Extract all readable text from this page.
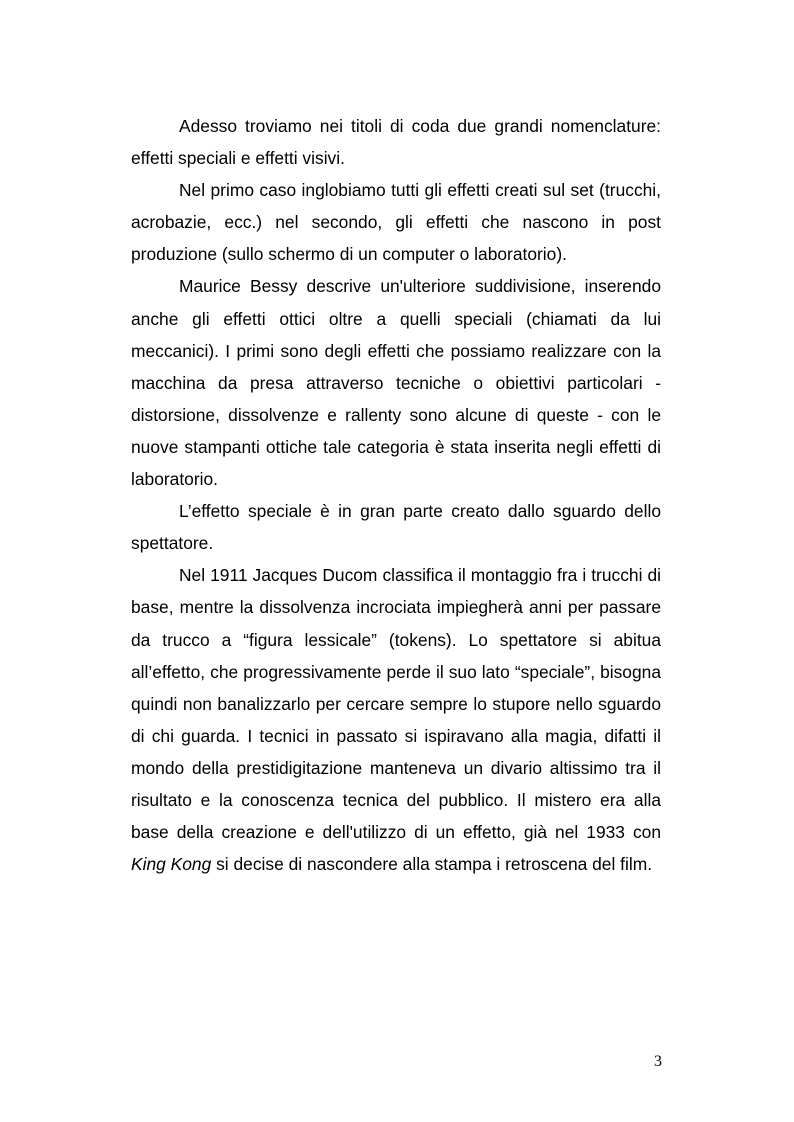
Adesso troviamo nei titoli di coda due grandi nomenclature: effetti speciali e effetti visivi.

Nel primo caso inglobiamo tutti gli effetti creati sul set (trucchi, acrobazie, ecc.) nel secondo, gli effetti che nascono in post produzione (sullo schermo di un computer o laboratorio).

Maurice Bessy descrive un'ulteriore suddivisione, inserendo anche gli effetti ottici oltre a quelli speciali (chiamati da lui meccanici). I primi sono degli effetti che possiamo realizzare con la macchina da presa attraverso tecniche o obiettivi particolari - distorsione, dissolvenze e rallenty sono alcune di queste - con le nuove stampanti ottiche tale categoria è stata inserita negli effetti di laboratorio.

L’effetto speciale è in gran parte creato dallo sguardo dello spettatore.

Nel 1911 Jacques Ducom classifica il montaggio fra i trucchi di base, mentre la dissolvenza incrociata impiegherà anni per passare da trucco a “figura lessicale” (tokens). Lo spettatore si abitua all’effetto, che progressivamente perde il suo lato “speciale”, bisogna quindi non banalizzarlo per cercare sempre lo stupore nello sguardo di chi guarda. I tecnici in passato si ispiravano alla magia, difatti il mondo della prestidigitazione manteneva un divario altissimo tra il risultato e la conoscenza tecnica del pubblico. Il mistero era alla base della creazione e dell'utilizzo di un effetto, già nel 1933 con King Kong si decise di nascondere alla stampa i retroscena del film.

3
